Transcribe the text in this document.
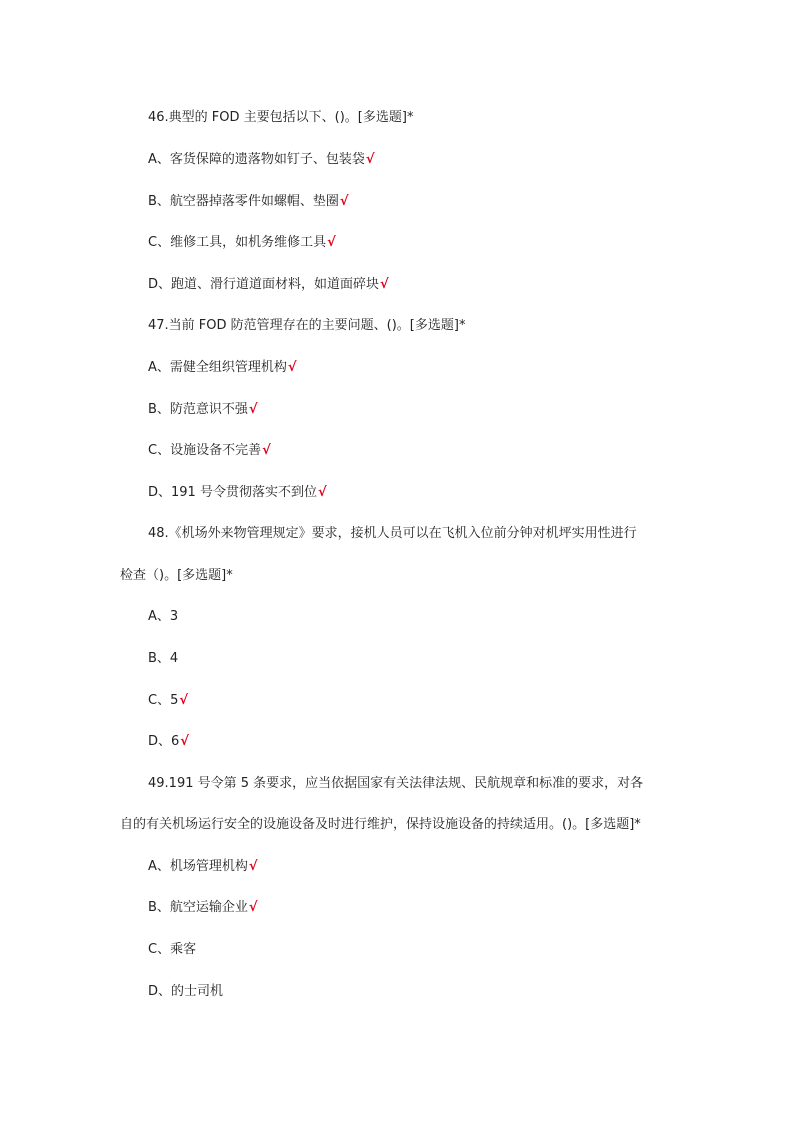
46.典型的 FOD 主要包括以下、()。[多选题]*
A、客货保障的遗落物如钉子、包装袋√
B、航空器掉落零件如螺帽、垫圈√
C、维修工具，如机务维修工具√
D、跑道、滑行道道面材料，如道面碎块√
47.当前 FOD 防范管理存在的主要问题、()。[多选题]*
A、需健全组织管理机构√
B、防范意识不强√
C、设施设备不完善√
D、191 号令贯彻落实不到位√
48.《机场外来物管理规定》要求，接机人员可以在飞机入位前分钟对机坪实用性进行
检查（)。[多选题]*
A、3
B、4
C、5√
D、6√
49.191 号令第 5 条要求，应当依据国家有关法律法规、民航规章和标准的要求，对各
自的有关机场运行安全的设施设备及时进行维护，保持设施设备的持续适用。()。[多选题]*
A、机场管理机构√
B、航空运输企业√
C、乘客
D、的士司机
